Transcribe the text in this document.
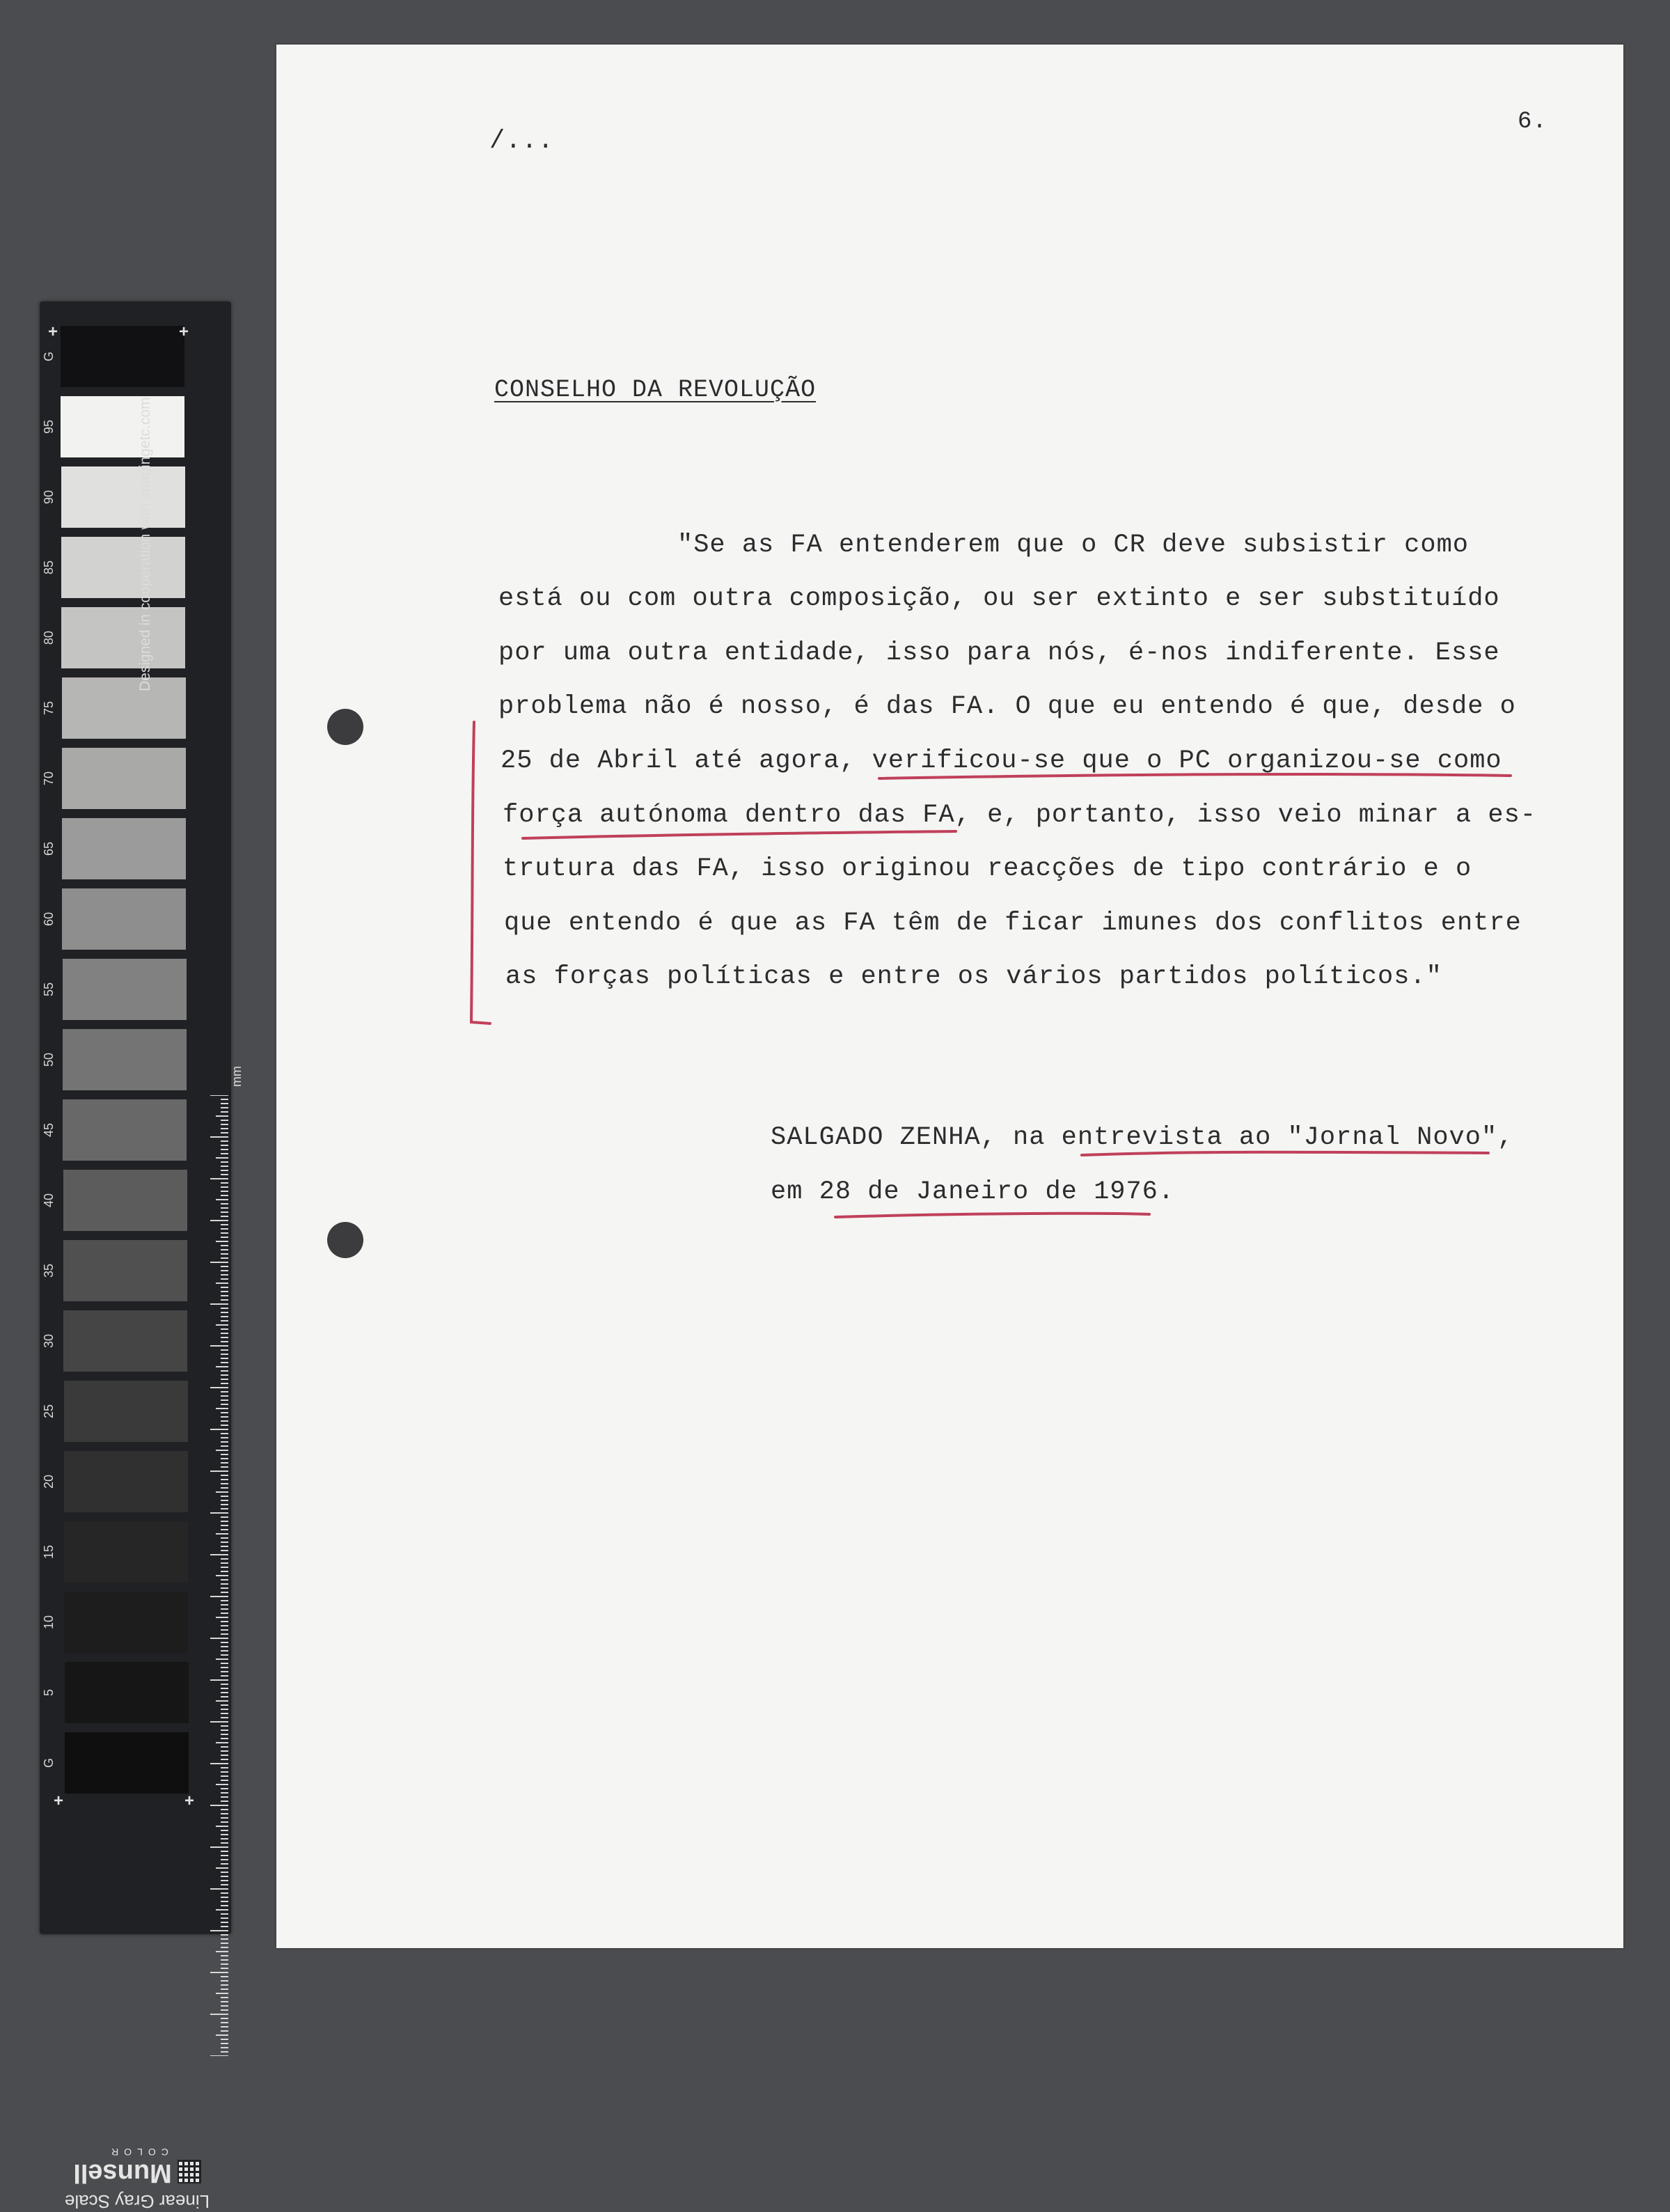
G
95
90
85
80
75
70
65
60
55
50
45
40
35
30
25
20
15
10
5
G
+	+
+	+
Designed in cooperation with imagingetc.com
mm
Linear Gray Scale
Munsell
COLOR
/...
6.
CONSELHO DA REVOLUÇÃO
"Se as FA entenderem que o CR deve subsistir como
está ou com outra composição, ou ser extinto e ser substituído
por uma outra entidade, isso para nós, é-nos indiferente. Esse
problema não é nosso, é das FA. O que eu entendo é que, desde o
25 de Abril até agora, verificou-se que o PC organizou-se como
força autónoma dentro das FA, e, portanto, isso veio minar a es-
trutura das FA, isso originou reacções de tipo contrário e o
que entendo é que as FA têm de ficar imunes dos conflitos entre
as forças políticas e entre os vários partidos políticos."
SALGADO ZENHA, na entrevista ao "Jornal Novo",
em 28 de Janeiro de 1976.
